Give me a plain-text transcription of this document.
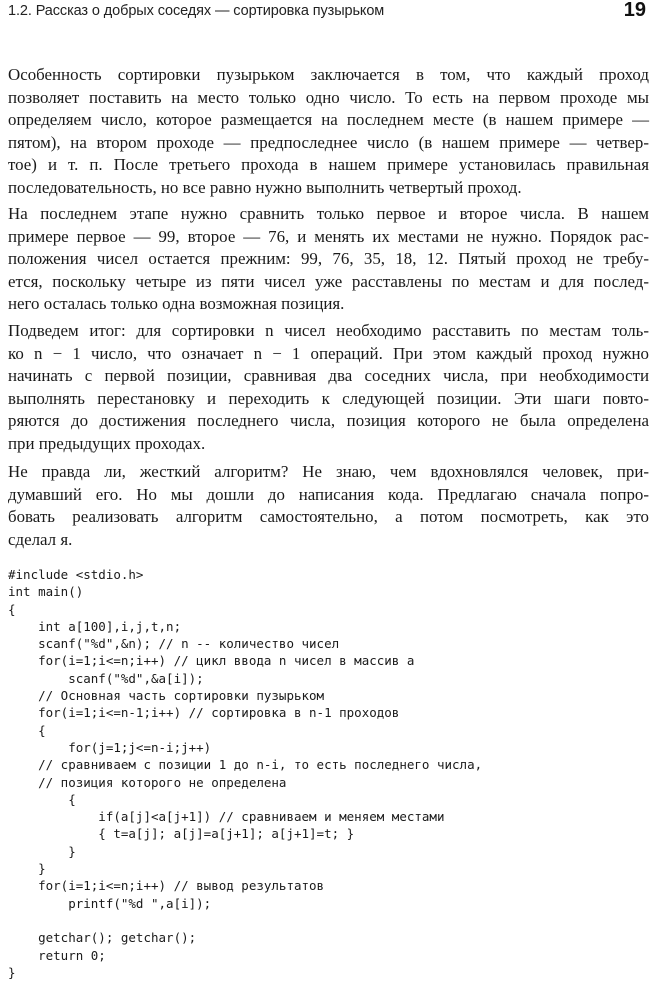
1.2. Рассказ о добрых соседях — сортировка пузырьком	19
Особенность сортировки пузырьком заключается в том, что каждый проход
позволяет поставить на место только одно число. То есть на первом проходе мы
определяем число, которое размещается на последнем месте (в нашем примере —
пятом), на втором проходе — предпоследнее число (в нашем примере — четвер-
тое) и т. п. После третьего прохода в нашем примере установилась правильная
последовательность, но все равно нужно выполнить четвертый проход.
На последнем этапе нужно сравнить только первое и второе числа. В нашем
примере первое — 99, второе — 76, и менять их местами не нужно. Порядок рас-
положения чисел остается прежним: 99, 76, 35, 18, 12. Пятый проход не требу-
ется, поскольку четыре из пяти чисел уже расставлены по местам и для послед-
него осталась только одна возможная позиция.
Подведем итог: для сортировки n чисел необходимо расставить по местам толь-
ко n − 1 число, что означает n − 1 операций. При этом каждый проход нужно
начинать с первой позиции, сравнивая два соседних числа, при необходимости
выполнять перестановку и переходить к следующей позиции. Эти шаги повто-
ряются до достижения последнего числа, позиция которого не была определена
при предыдущих проходах.
Не правда ли, жесткий алгоритм? Не знаю, чем вдохновлялся человек, при-
думавший его. Но мы дошли до написания кода. Предлагаю сначала попро-
бовать реализовать алгоритм самостоятельно, а потом посмотреть, как это
сделал я.
#include <stdio.h>
int main()
{
int a[100],i,j,t,n;
scanf("%d",&n); // n -- количество чисел
for(i=1;i<=n;i++) // цикл ввода n чисел в массив a
scanf("%d",&a[i]);
// Основная часть сортировки пузырьком
for(i=1;i<=n-1;i++) // сортировка в n-1 проходов
{
for(j=1;j<=n-i;j++)
// сравниваем с позиции 1 до n-i, то есть последнего числа,
// позиция которого не определена
{
if(a[j]<a[j+1]) // сравниваем и меняем местами
{ t=a[j]; a[j]=a[j+1]; a[j+1]=t; }
}
}
for(i=1;i<=n;i++) // вывод результатов
printf("%d ",a[i]);
getchar(); getchar();
return 0;
}
